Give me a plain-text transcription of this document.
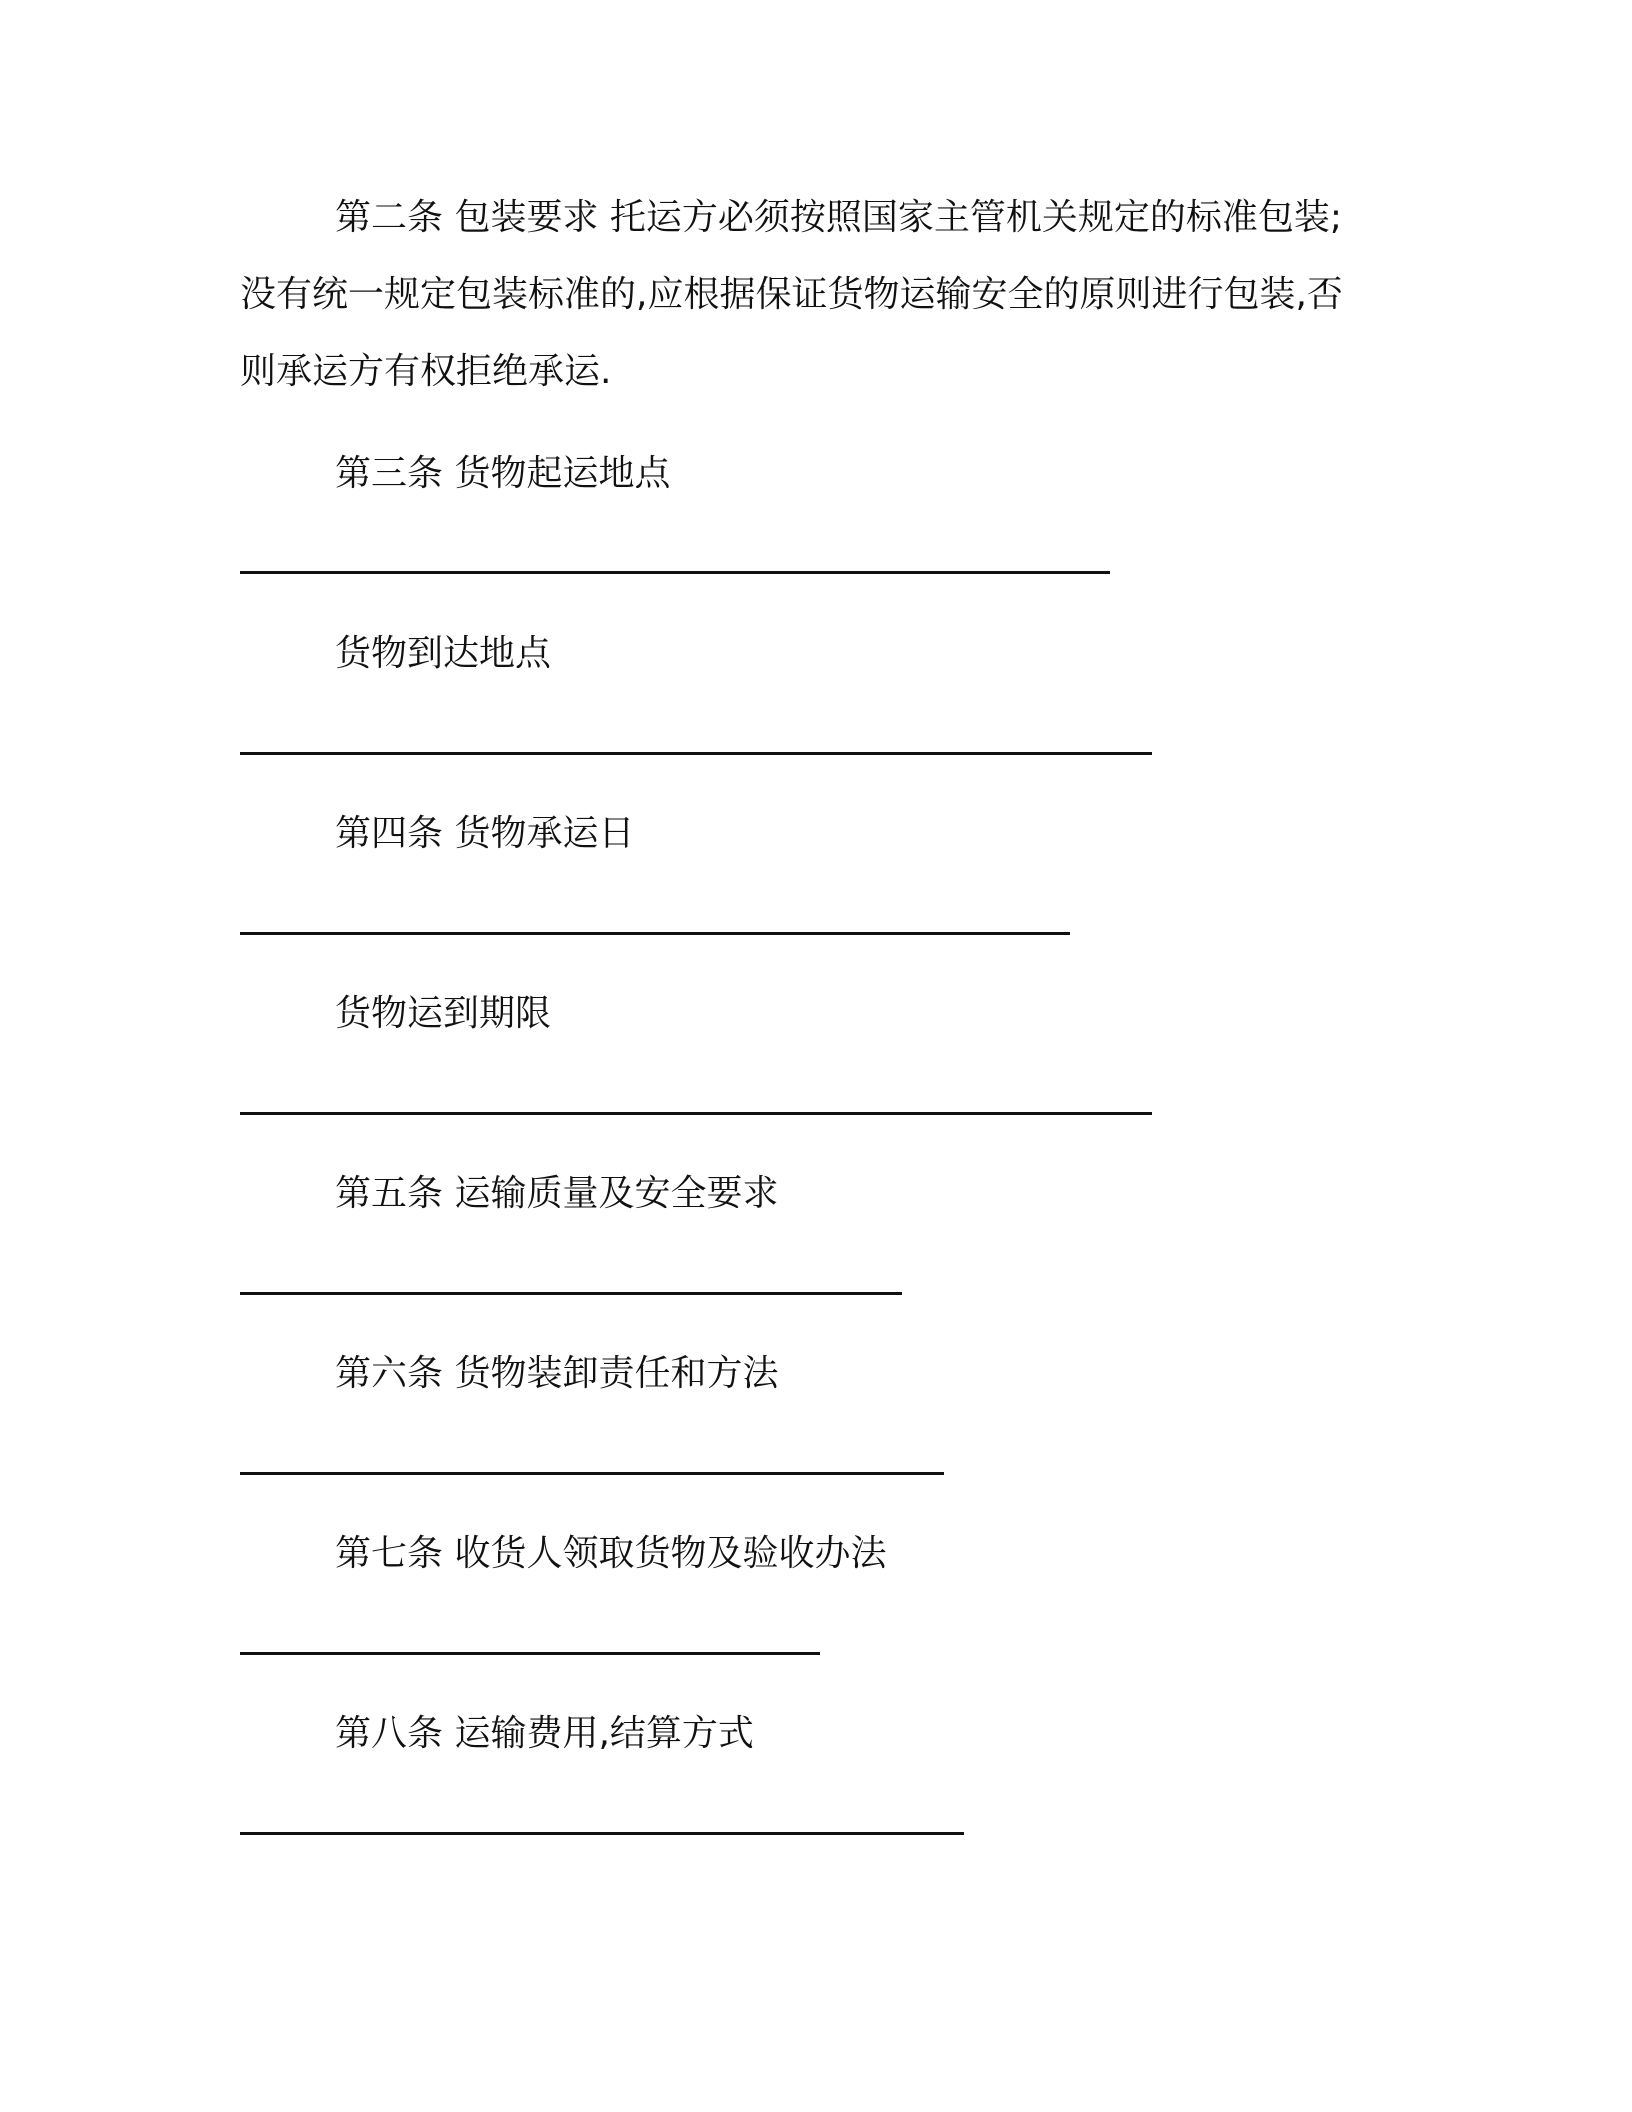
第二条 包装要求 托运方必须按照国家主管机关规定的标准包装;
没有统一规定包装标准的,应根据保证货物运输安全的原则进行包装,否
则承运方有权拒绝承运.
第三条 货物起运地点
货物到达地点
第四条 货物承运日
货物运到期限
第五条 运输质量及安全要求
第六条 货物装卸责任和方法
第七条 收货人领取货物及验收办法
第八条 运输费用,结算方式
